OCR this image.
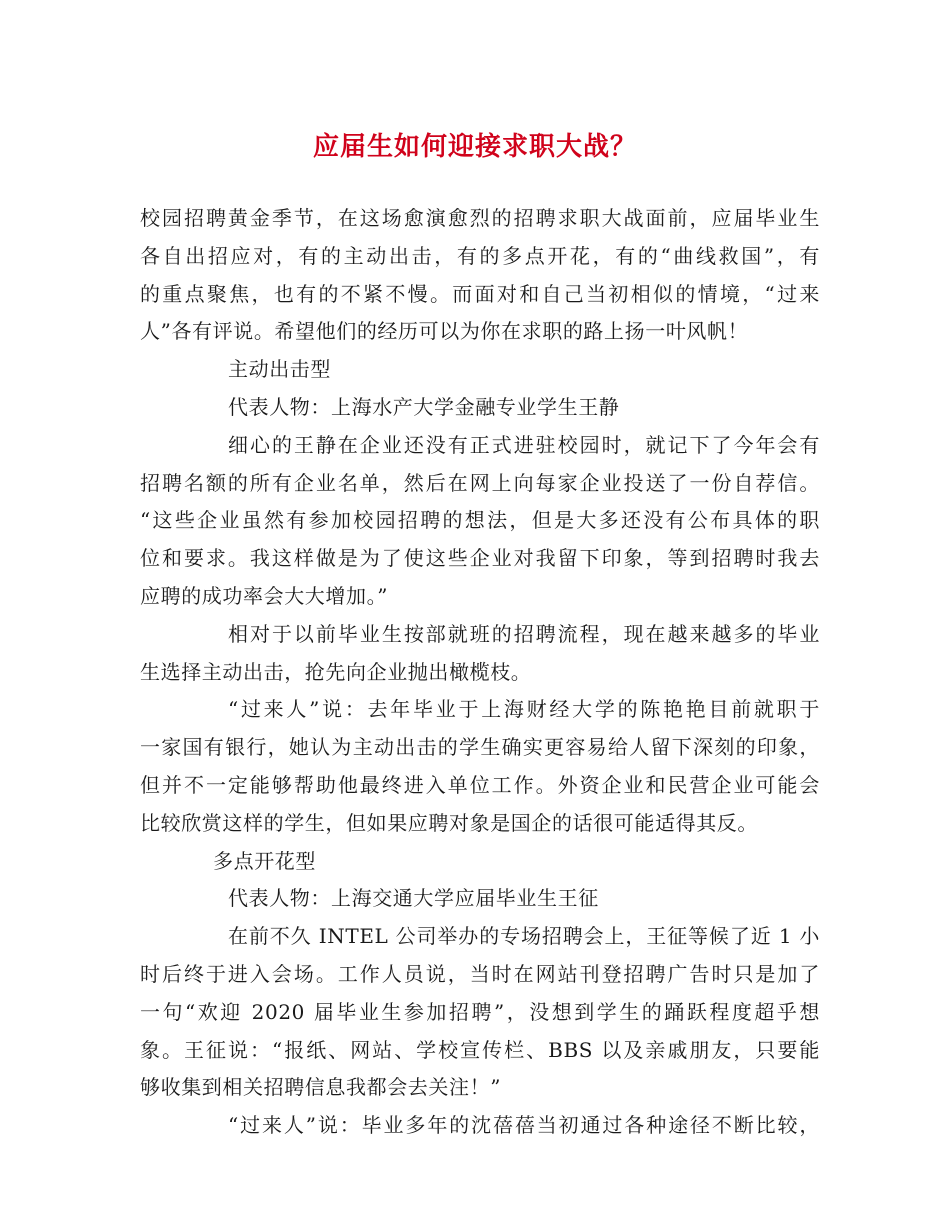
应届生如何迎接求职大战？

校园招聘黄金季节，在这场愈演愈烈的招聘求职大战面前，应届毕业生

各自出招应对，有的主动出击，有的多点开花，有的“曲线救国”，有

的重点聚焦，也有的不紧不慢。而面对和自己当初相似的情境，“过来

人”各有评说。希望他们的经历可以为你在求职的路上扬一叶风帆！

主动出击型

代表人物：上海水产大学金融专业学生王静

细心的王静在企业还没有正式进驻校园时，就记下了今年会有

招聘名额的所有企业名单，然后在网上向每家企业投送了一份自荐信。

“这些企业虽然有参加校园招聘的想法，但是大多还没有公布具体的职

位和要求。我这样做是为了使这些企业对我留下印象，等到招聘时我去

应聘的成功率会大大增加。”

相对于以前毕业生按部就班的招聘流程，现在越来越多的毕业

生选择主动出击，抢先向企业抛出橄榄枝。

“过来人”说：去年毕业于上海财经大学的陈艳艳目前就职于

一家国有银行，她认为主动出击的学生确实更容易给人留下深刻的印象，

但并不一定能够帮助他最终进入单位工作。外资企业和民营企业可能会

比较欣赏这样的学生，但如果应聘对象是国企的话很可能适得其反。

多点开花型

代表人物：上海交通大学应届毕业生王征

在前不久 INTEL 公司举办的专场招聘会上，王征等候了近 1 小

时后终于进入会场。工作人员说，当时在网站刊登招聘广告时只是加了

一句“欢迎 2020 届毕业生参加招聘”，没想到学生的踊跃程度超乎想

象。王征说：“报纸、网站、学校宣传栏、BBS 以及亲戚朋友，只要能

够收集到相关招聘信息我都会去关注！”

“过来人”说：毕业多年的沈蓓蓓当初通过各种途径不断比较，
